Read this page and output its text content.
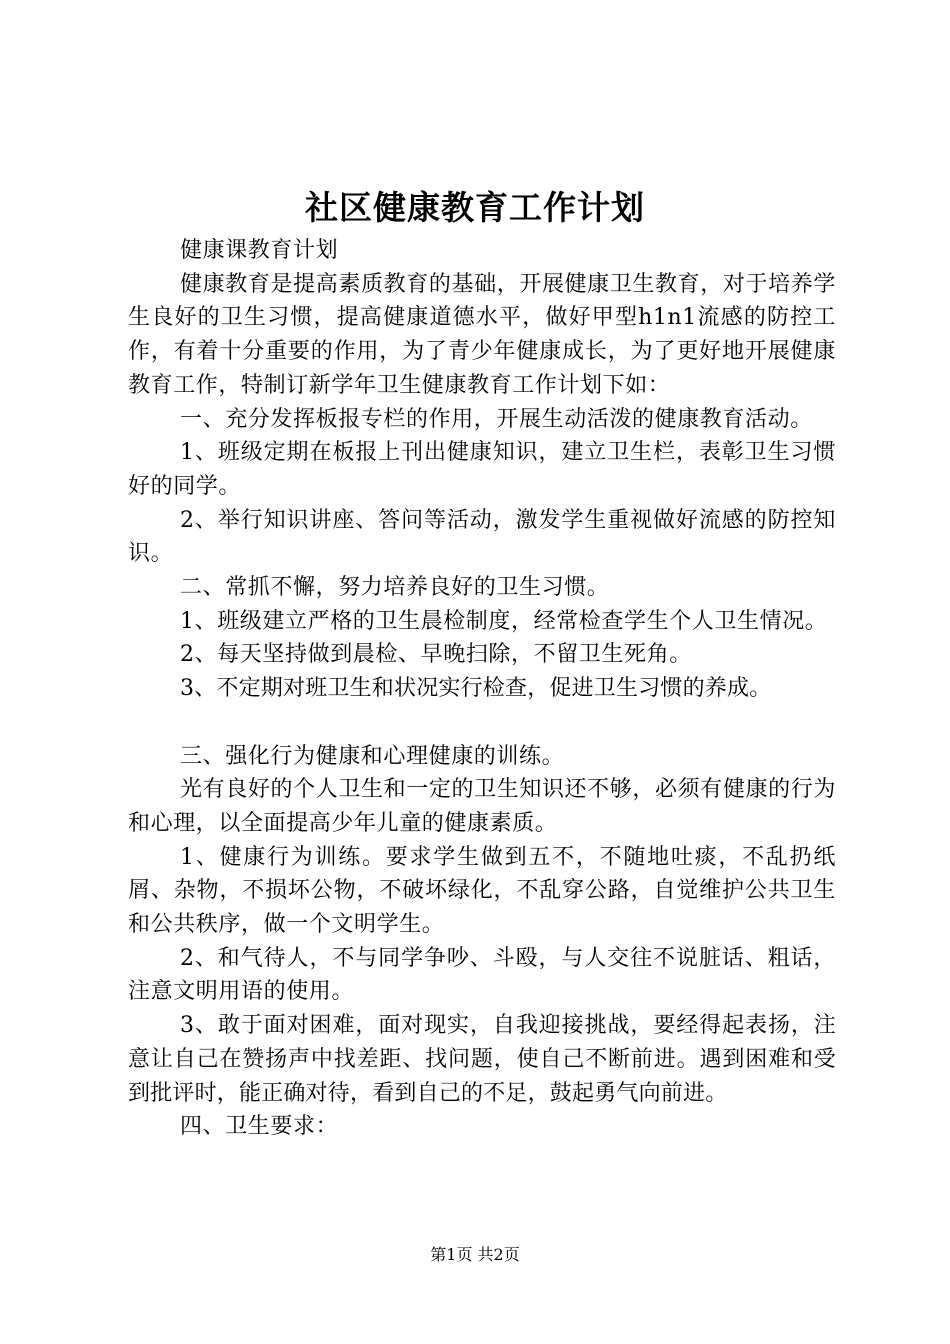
社区健康教育工作计划

健康课教育计划

健康教育是提高素质教育的基础，开展健康卫生教育，对于培养学生良好的卫生习惯，提高健康道德水平，做好甲型h1n1流感的防控工作，有着十分重要的作用，为了青少年健康成长，为了更好地开展健康教育工作，特制订新学年卫生健康教育工作计划下如：

一、充分发挥板报专栏的作用，开展生动活泼的健康教育活动。

1、班级定期在板报上刊出健康知识，建立卫生栏，表彰卫生习惯好的同学。

2、举行知识讲座、答问等活动，激发学生重视做好流感的防控知识。

二、常抓不懈，努力培养良好的卫生习惯。

1、班级建立严格的卫生晨检制度，经常检查学生个人卫生情况。

2、每天坚持做到晨检、早晚扫除，不留卫生死角。

3、不定期对班卫生和状况实行检查，促进卫生习惯的养成。

三、强化行为健康和心理健康的训练。

光有良好的个人卫生和一定的卫生知识还不够，必须有健康的行为和心理，以全面提高少年儿童的健康素质。

1、健康行为训练。要求学生做到五不，不随地吐痰，不乱扔纸屑、杂物，不损坏公物，不破坏绿化，不乱穿公路，自觉维护公共卫生和公共秩序，做一个文明学生。

2、和气待人，不与同学争吵、斗殴，与人交往不说脏话、粗话，注意文明用语的使用。

3、敢于面对困难，面对现实，自我迎接挑战，要经得起表扬，注意让自己在赞扬声中找差距、找问题，使自己不断前进。遇到困难和受到批评时，能正确对待，看到自己的不足，鼓起勇气向前进。

四、卫生要求：

第1页 共2页
